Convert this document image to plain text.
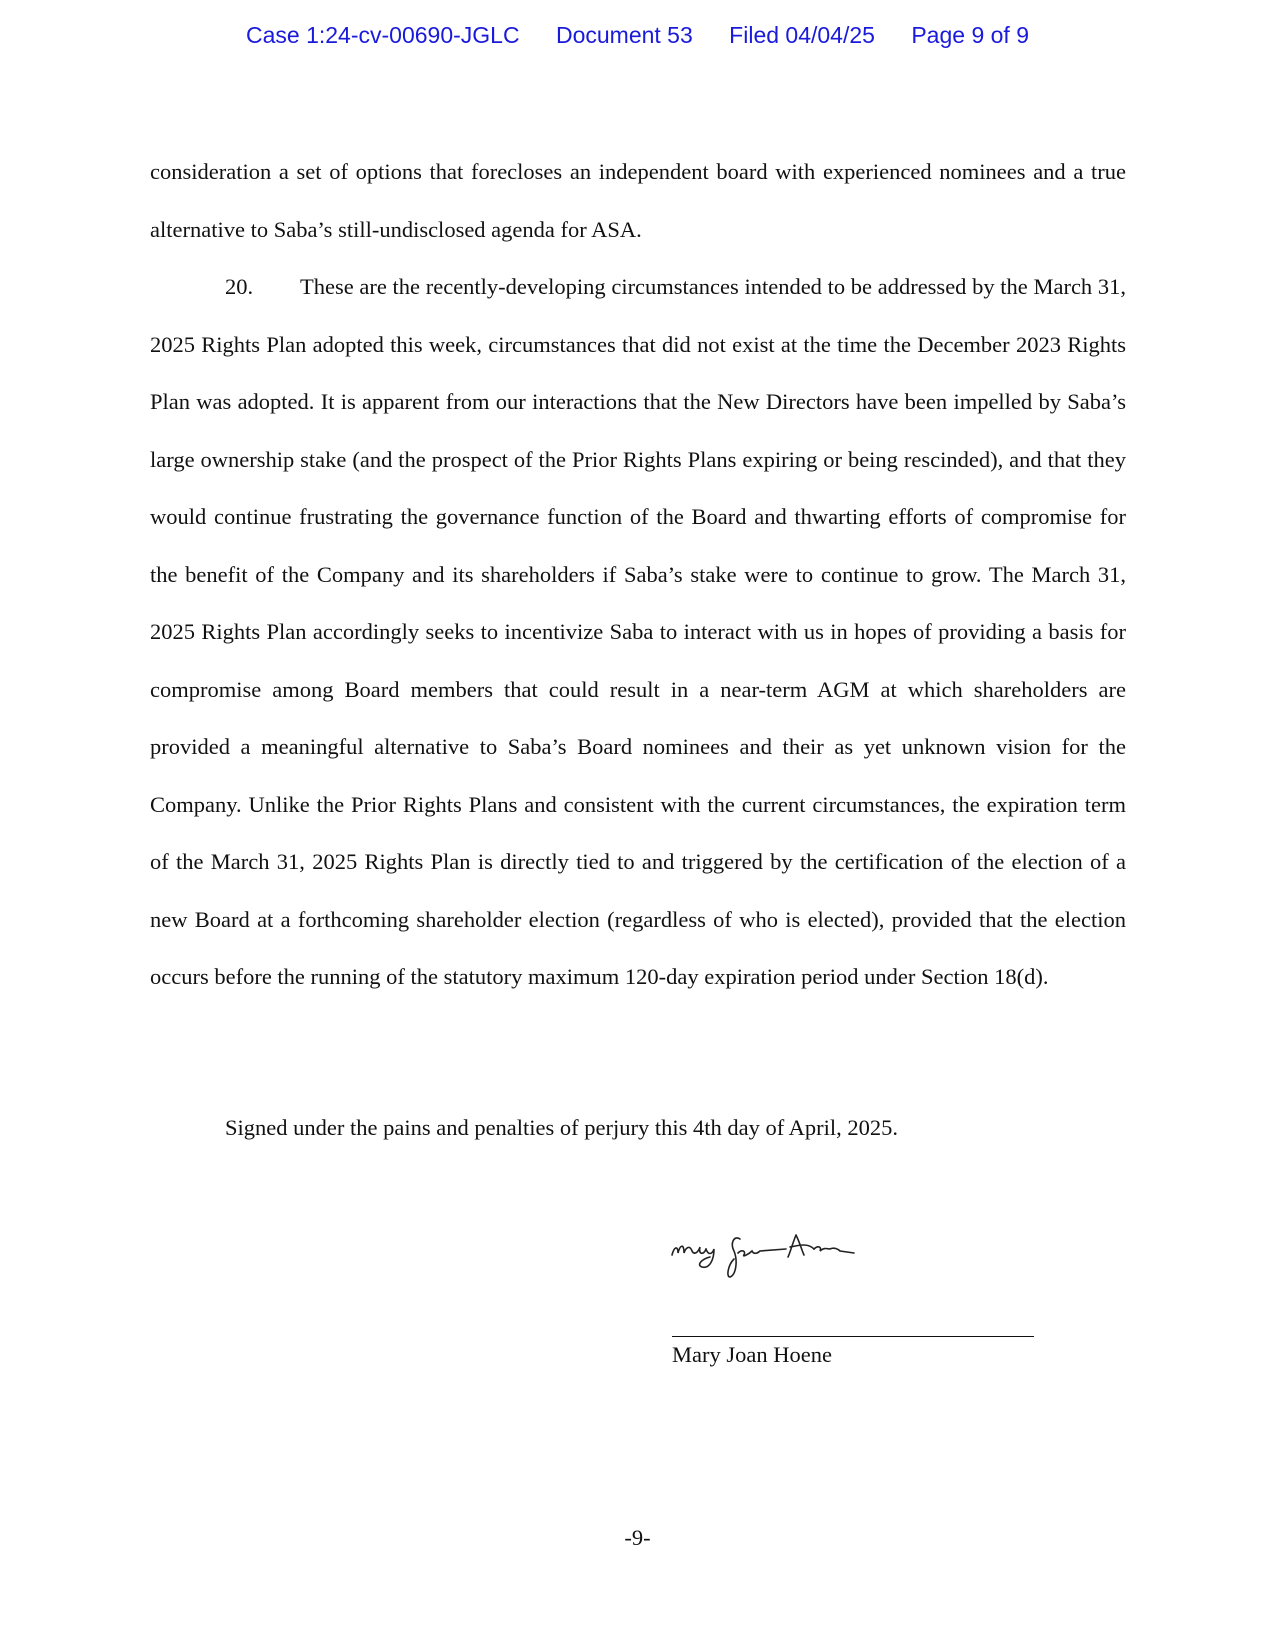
Case 1:24-cv-00690-JGLC Document 53 Filed 04/04/25 Page 9 of 9

consideration a set of options that forecloses an independent board with experienced nominees and a true alternative to Saba’s still-undisclosed agenda for ASA.

20. These are the recently-developing circumstances intended to be addressed by the March 31, 2025 Rights Plan adopted this week, circumstances that did not exist at the time the December 2023 Rights Plan was adopted. It is apparent from our interactions that the New Directors have been impelled by Saba’s large ownership stake (and the prospect of the Prior Rights Plans expiring or being rescinded), and that they would continue frustrating the governance function of the Board and thwarting efforts of compromise for the benefit of the Company and its shareholders if Saba’s stake were to continue to grow. The March 31, 2025 Rights Plan accordingly seeks to incentivize Saba to interact with us in hopes of providing a basis for compromise among Board members that could result in a near-term AGM at which shareholders are provided a meaningful alternative to Saba’s Board nominees and their as yet unknown vision for the Company. Unlike the Prior Rights Plans and consistent with the current circumstances, the expiration term of the March 31, 2025 Rights Plan is directly tied to and triggered by the certification of the election of a new Board at a forthcoming shareholder election (regardless of who is elected), provided that the election occurs before the running of the statutory maximum 120-day expiration period under Section 18(d).

Signed under the pains and penalties of perjury this 4th day of April, 2025.
Mary Joan Hoene
-9-
